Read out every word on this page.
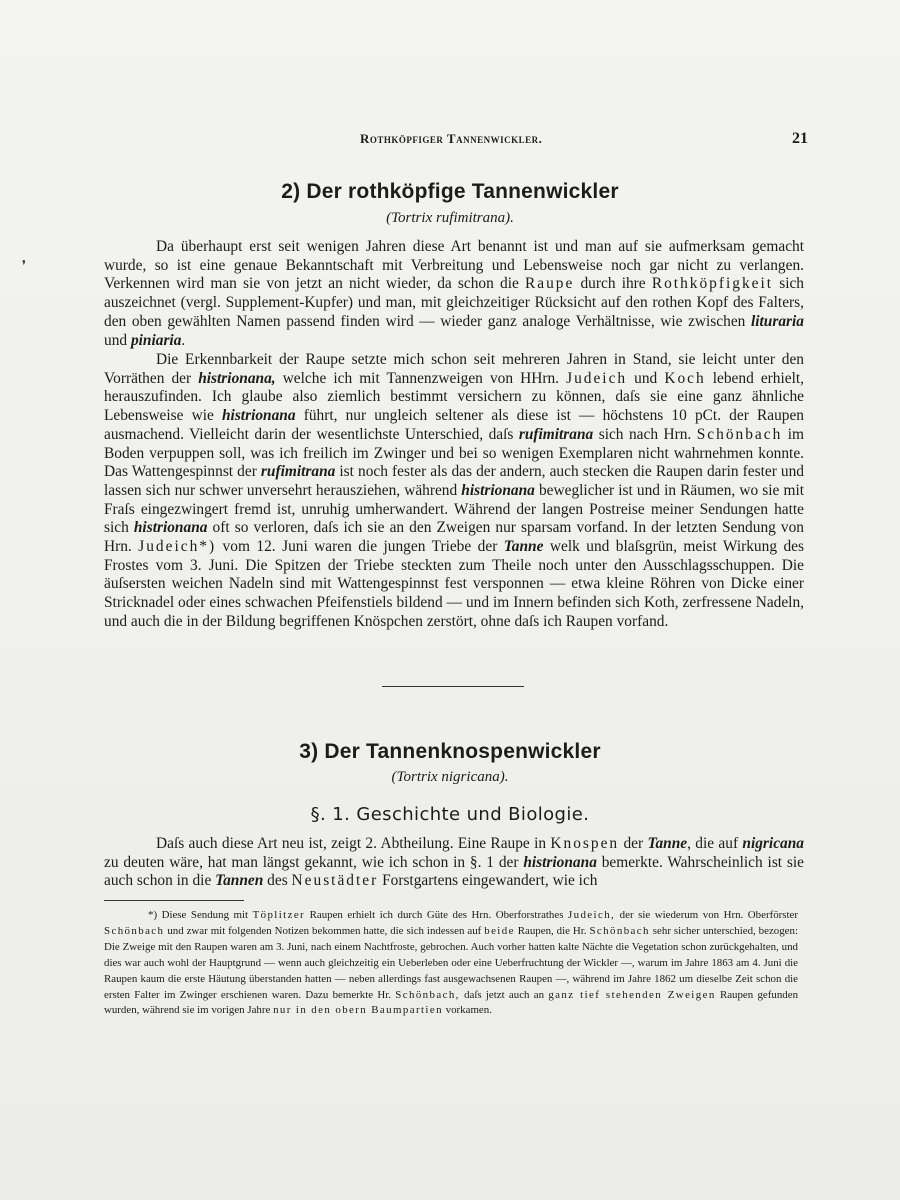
❜
Rothköpfiger Tannenwickler.	21
2) Der rothköpfige Tannenwickler
(Tortrix rufimitrana).

Da überhaupt erst seit wenigen Jahren diese Art benannt ist und man auf sie aufmerksam gemacht wurde, so ist eine genaue Bekanntschaft mit Verbreitung und Lebensweise noch gar nicht zu verlangen. Verkennen wird man sie von jetzt an nicht wieder, da schon die Raupe durch ihre Rothköpfigkeit sich auszeichnet (vergl. Supplement-Kupfer) und man, mit gleichzeitiger Rücksicht auf den rothen Kopf des Falters, den oben gewählten Namen passend finden wird — wieder ganz analoge Verhältnisse, wie zwischen lituraria und piniaria.

Die Erkennbarkeit der Raupe setzte mich schon seit mehreren Jahren in Stand, sie leicht unter den Vorräthen der histrionana, welche ich mit Tannenzweigen von HHrn. Judeich und Koch lebend erhielt, herauszufinden. Ich glaube also ziemlich bestimmt versichern zu können, daſs sie eine ganz ähnliche Lebensweise wie histrionana führt, nur ungleich seltener als diese ist — höchstens 10 pCt. der Raupen ausmachend. Vielleicht darin der wesentlichste Unterschied, daſs rufimitrana sich nach Hrn. Schönbach im Boden verpuppen soll, was ich freilich im Zwinger und bei so wenigen Exemplaren nicht wahrnehmen konnte. Das Wattengespinnst der rufimitrana ist noch fester als das der andern, auch stecken die Raupen darin fester und lassen sich nur schwer unversehrt herausziehen, während histrionana beweglicher ist und in Räumen, wo sie mit Fraſs eingezwingert fremd ist, unruhig umherwandert. Während der langen Postreise meiner Sendungen hatte sich histrionana oft so verloren, daſs ich sie an den Zweigen nur sparsam vorfand. In der letzten Sendung von Hrn. Judeich*) vom 12. Juni waren die jungen Triebe der Tanne welk und blaſsgrün, meist Wirkung des Frostes vom 3. Juni. Die Spitzen der Triebe steckten zum Theile noch unter den Ausschlagsschuppen. Die äuſsersten weichen Nadeln sind mit Wattengespinnst fest versponnen — etwa kleine Röhren von Dicke einer Stricknadel oder eines schwachen Pfeifenstiels bildend — und im Innern befinden sich Koth, zerfressene Nadeln, und auch die in der Bildung begriffenen Knöspchen zerstört, ohne daſs ich Raupen vorfand.

3) Der Tannenknospenwickler
(Tortrix nigricana).
§. 1. Geschichte und Biologie.

Daſs auch diese Art neu ist, zeigt 2. Abtheilung. Eine Raupe in Knospen der Tanne, die auf nigricana zu deuten wäre, hat man längst gekannt, wie ich schon in §. 1 der histrionana bemerkte. Wahrscheinlich ist sie auch schon in die Tannen des Neustädter Forstgartens eingewandert, wie ich

*) Diese Sendung mit Töplitzer Raupen erhielt ich durch Güte des Hrn. Oberforstrathes Judeich, der sie wiederum von Hrn. Oberförster Schönbach und zwar mit folgenden Notizen bekommen hatte, die sich indessen auf beide Raupen, die Hr. Schönbach sehr sicher unterschied, bezogen: Die Zweige mit den Raupen waren am 3. Juni, nach einem Nachtfroste, gebrochen. Auch vorher hatten kalte Nächte die Vegetation schon zurückgehalten, und dies war auch wohl der Hauptgrund — wenn auch gleichzeitig ein Ueberleben oder eine Ueberfruchtung der Wickler —, warum im Jahre 1863 am 4. Juni die Raupen kaum die erste Häutung überstanden hatten — neben allerdings fast ausgewachsenen Raupen —, während im Jahre 1862 um dieselbe Zeit schon die ersten Falter im Zwinger erschienen waren. Dazu bemerkte Hr. Schönbach, daſs jetzt auch an ganz tief stehenden Zweigen Raupen gefunden wurden, während sie im vorigen Jahre nur in den obern Baumpartien vorkamen.
